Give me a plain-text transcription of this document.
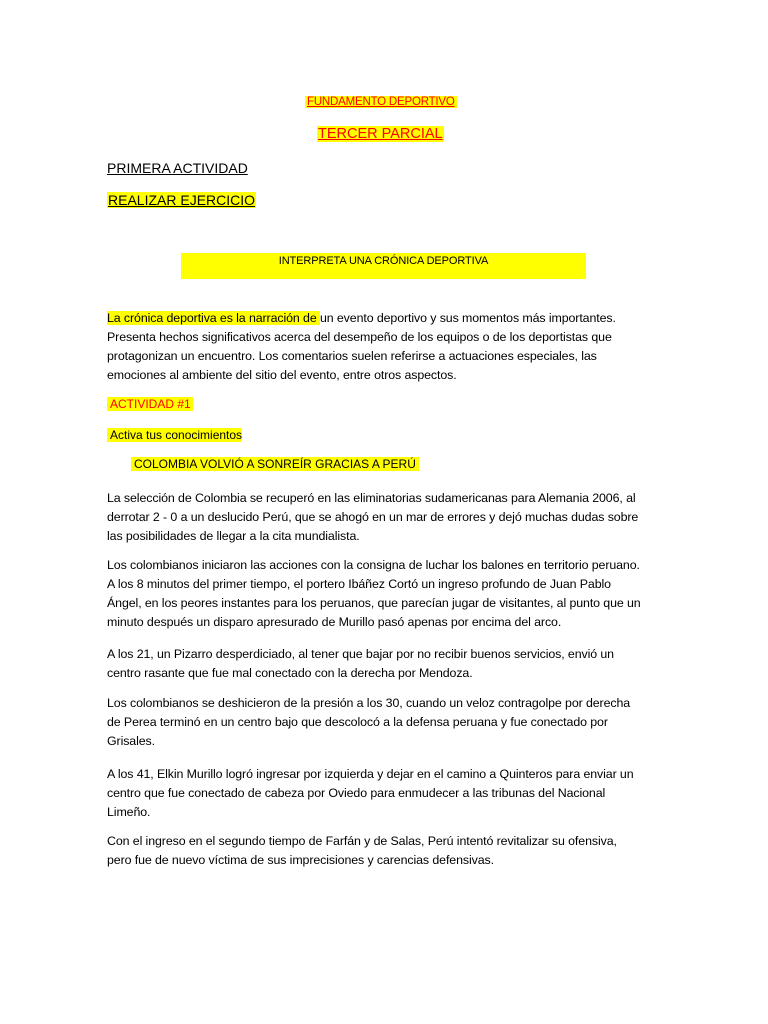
FUNDAMENTO DEPORTIVO
TERCER PARCIAL
PRIMERA ACTIVIDAD
REALIZAR EJERCICIO
INTERPRETA UNA CRÓNICA DEPORTIVA
La crónica deportiva es la narración de un evento deportivo y sus momentos más importantes.
Presenta hechos significativos acerca del desempeño de los equipos o de los deportistas que
protagonizan un encuentro. Los comentarios suelen referirse a actuaciones especiales, las
emociones al ambiente del sitio del evento, entre otros aspectos.
ACTIVIDAD #1
Activa tus conocimientos
COLOMBIA VOLVIÓ A SONREÍR GRACIAS A PERÚ
La selección de Colombia se recuperó en las eliminatorias sudamericanas para Alemania 2006, al
derrotar 2 - 0 a un deslucido Perú, que se ahogó en un mar de errores y dejó muchas dudas sobre
las posibilidades de llegar a la cita mundialista.
Los colombianos iniciaron las acciones con la consigna de luchar los balones en territorio peruano.
A los 8 minutos del primer tiempo, el portero Ibáñez Cortó un ingreso profundo de Juan Pablo
Ángel, en los peores instantes para los peruanos, que parecían jugar de visitantes, al punto que un
minuto después un disparo apresurado de Murillo pasó apenas por encima del arco.
A los 21, un Pizarro desperdiciado, al tener que bajar por no recibir buenos servicios, envió un
centro rasante que fue mal conectado con la derecha por Mendoza.
Los colombianos se deshicieron de la presión a los 30, cuando un veloz contragolpe por derecha
de Perea terminó en un centro bajo que descolocó a la defensa peruana y fue conectado por
Grisales.
A los 41, Elkin Murillo logró ingresar por izquierda y dejar en el camino a Quinteros para enviar un
centro que fue conectado de cabeza por Oviedo para enmudecer a las tribunas del Nacional
Limeño.
Con el ingreso en el segundo tiempo de Farfán y de Salas, Perú intentó revitalizar su ofensiva,
pero fue de nuevo víctima de sus imprecisiones y carencias defensivas.
